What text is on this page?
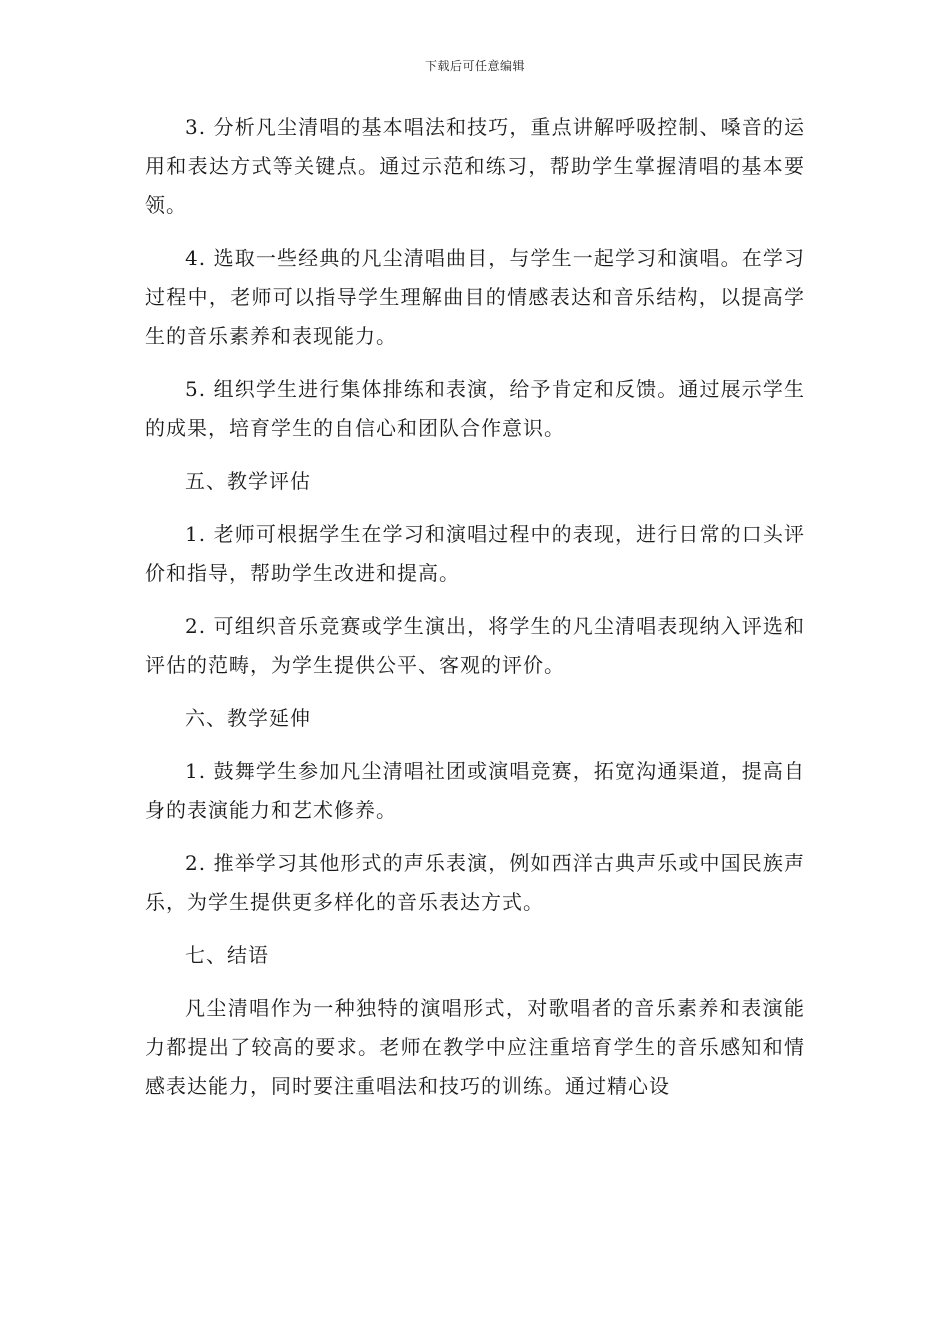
下载后可任意编辑

3. 分析凡尘清唱的基本唱法和技巧，重点讲解呼吸控制、嗓音的运用和表达方式等关键点。通过示范和练习，帮助学生掌握清唱的基本要领。

4. 选取一些经典的凡尘清唱曲目，与学生一起学习和演唱。在学习过程中，老师可以指导学生理解曲目的情感表达和音乐结构，以提高学生的音乐素养和表现能力。

5. 组织学生进行集体排练和表演，给予肯定和反馈。通过展示学生的成果，培育学生的自信心和团队合作意识。

五、教学评估

1. 老师可根据学生在学习和演唱过程中的表现，进行日常的口头评价和指导，帮助学生改进和提高。

2. 可组织音乐竞赛或学生演出，将学生的凡尘清唱表现纳入评选和评估的范畴，为学生提供公平、客观的评价。

六、教学延伸

1. 鼓舞学生参加凡尘清唱社团或演唱竞赛，拓宽沟通渠道，提高自身的表演能力和艺术修养。

2. 推举学习其他形式的声乐表演，例如西洋古典声乐或中国民族声乐，为学生提供更多样化的音乐表达方式。

七、结语

凡尘清唱作为一种独特的演唱形式，对歌唱者的音乐素养和表演能力都提出了较高的要求。老师在教学中应注重培育学生的音乐感知和情感表达能力，同时要注重唱法和技巧的训练。通过精心设
